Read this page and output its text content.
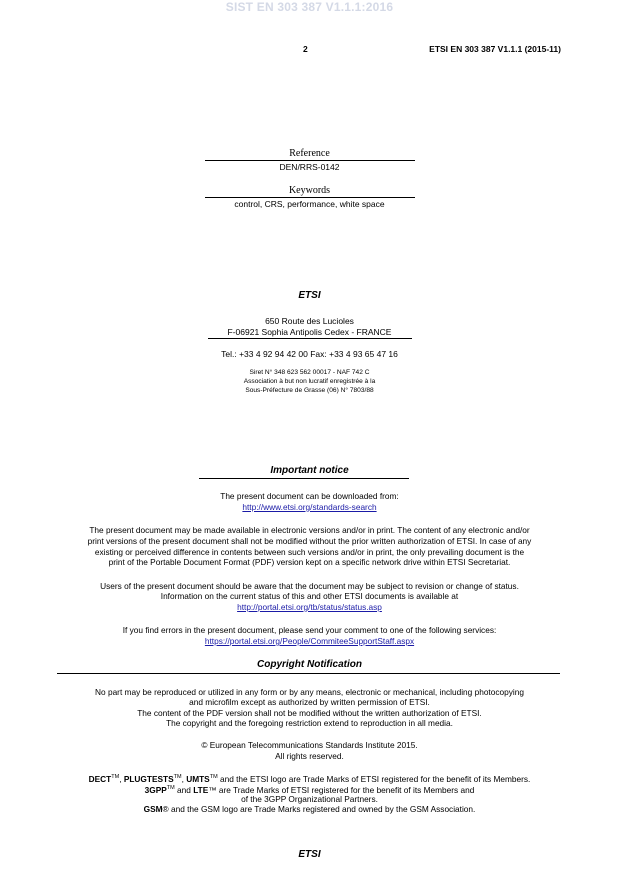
SIST EN 303 387 V1.1.1:2016
2	ETSI EN 303 387 V1.1.1 (2015-11)
Reference
DEN/RRS-0142
Keywords
control, CRS, performance, white space
ETSI
650 Route des Lucioles
F-06921 Sophia Antipolis Cedex - FRANCE
Tel.: +33 4 92 94 42 00 Fax: +33 4 93 65 47 16
Siret N° 348 623 562 00017 - NAF 742 C
Association à but non lucratif enregistrée à la
Sous-Préfecture de Grasse (06) N° 7803/88
Important notice
The present document can be downloaded from:
http://www.etsi.org/standards-search
The present document may be made available in electronic versions and/or in print. The content of any electronic and/or
print versions of the present document shall not be modified without the prior written authorization of ETSI. In case of any
existing or perceived difference in contents between such versions and/or in print, the only prevailing document is the
print of the Portable Document Format (PDF) version kept on a specific network drive within ETSI Secretariat.
Users of the present document should be aware that the document may be subject to revision or change of status.
Information on the current status of this and other ETSI documents is available at
http://portal.etsi.org/tb/status/status.asp
If you find errors in the present document, please send your comment to one of the following services:
https://portal.etsi.org/People/CommiteeSupportStaff.aspx
Copyright Notification
No part may be reproduced or utilized in any form or by any means, electronic or mechanical, including photocopying
and microfilm except as authorized by written permission of ETSI.
The content of the PDF version shall not be modified without the written authorization of ETSI.
The copyright and the foregoing restriction extend to reproduction in all media.
© European Telecommunications Standards Institute 2015.
All rights reserved.
DECT™, PLUGTESTS™, UMTS™ and the ETSI logo are Trade Marks of ETSI registered for the benefit of its Members.
3GPP™ and LTE™ are Trade Marks of ETSI registered for the benefit of its Members and
of the 3GPP Organizational Partners.
GSM® and the GSM logo are Trade Marks registered and owned by the GSM Association.
ETSI
